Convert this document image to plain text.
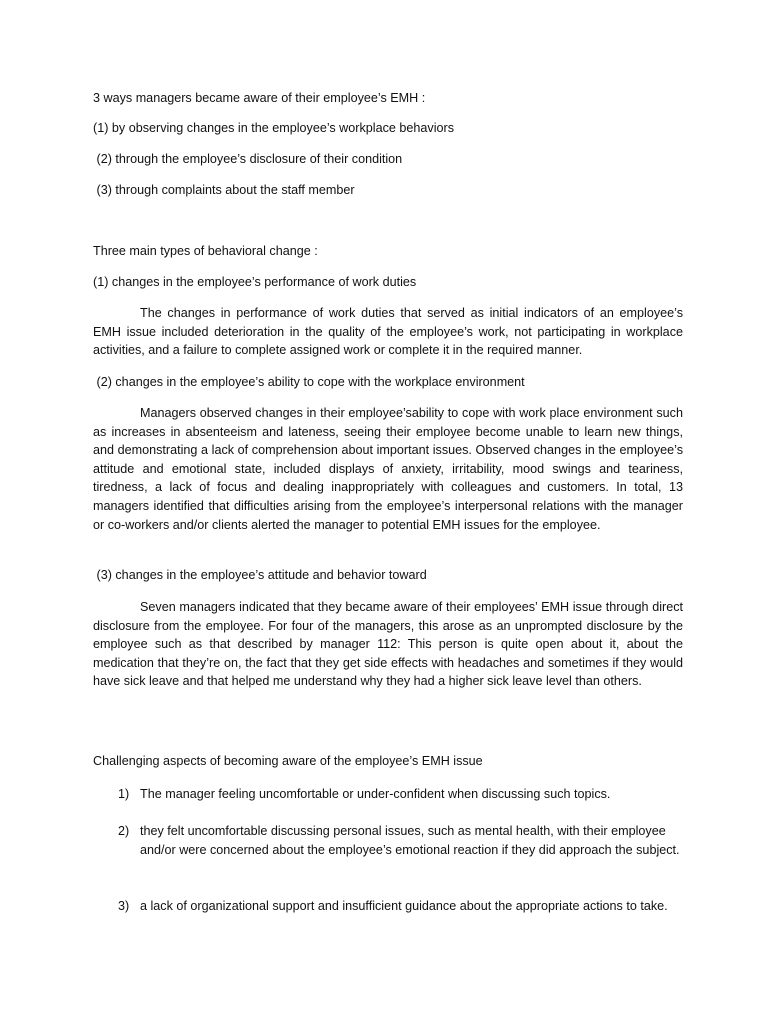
3 ways managers became aware of their employee’s EMH :

(1) by observing changes in the employee’s workplace behaviors

(2) through the employee’s disclosure of their condition

(3) through complaints about the staff member

Three main types of behavioral change :

(1) changes in the employee’s performance of work duties

The changes in performance of work duties that served as initial indicators of an employee’s EMH issue included deterioration in the quality of the employee’s work, not participating in workplace activities, and a failure to complete assigned work or complete it in the required manner.

(2) changes in the employee’s ability to cope with the workplace environment

Managers observed changes in their employee’sability to cope with work place environment such as increases in absenteeism and lateness, seeing their employee become unable to learn new things, and demonstrating a lack of comprehension about important issues. Observed changes in the employee’s attitude and emotional state, included displays of anxiety, irritability, mood swings and teariness, tiredness, a lack of focus and dealing inappropriately with colleagues and customers. In total, 13 managers identified that difficulties arising from the employee’s interpersonal relations with the manager or co-workers and/or clients alerted the manager to potential EMH issues for the employee.

(3) changes in the employee’s attitude and behavior toward

Seven managers indicated that they became aware of their employees’ EMH issue through direct disclosure from the employee. For four of the managers, this arose as an unprompted disclosure by the employee such as that described by manager 112: This person is quite open about it, about the medication that they’re on, the fact that they get side effects with headaches and sometimes if they would have sick leave and that helped me understand why they had a higher sick leave level than others.

Challenging aspects of becoming aware of the employee’s EMH issue

1) The manager feeling uncomfortable or under-confident when discussing such topics.
2) they felt uncomfortable discussing personal issues, such as mental health, with their employee and/or were concerned about the employee’s emotional reaction if they did approach the subject.
3) a lack of organizational support and insufficient guidance about the appropriate actions to take.
